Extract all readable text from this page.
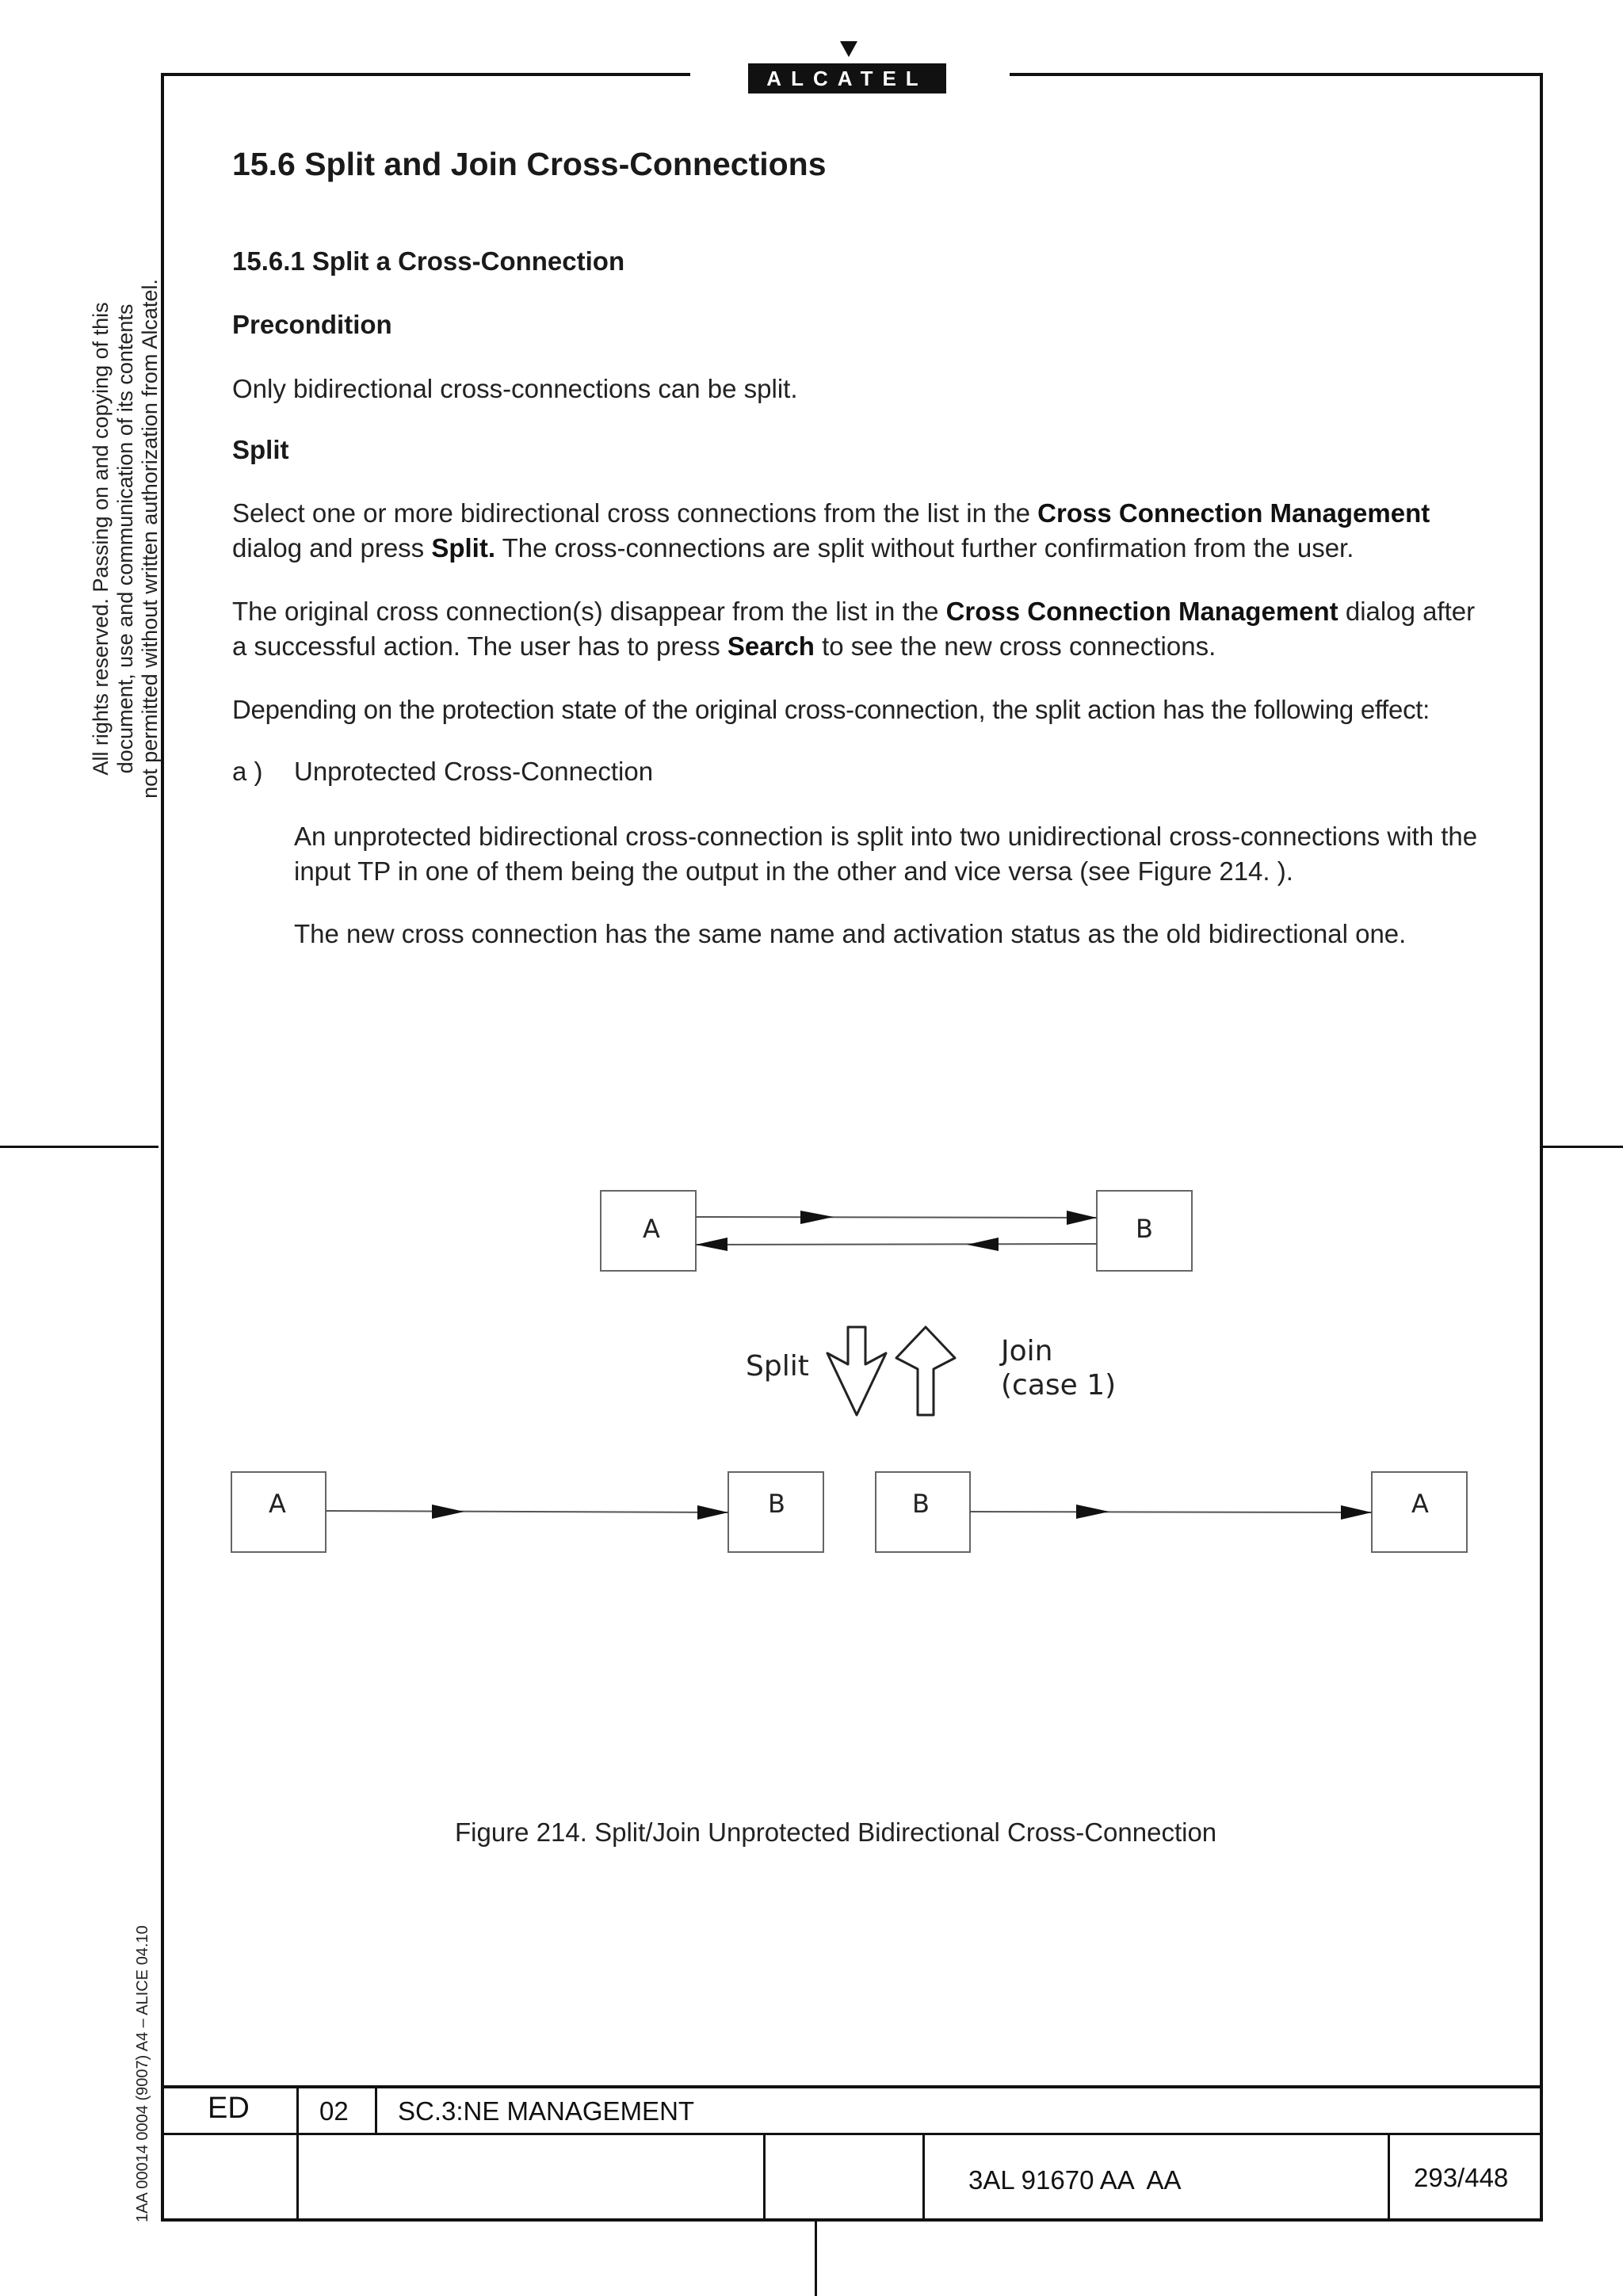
ALCATEL
All rights reserved. Passing on and copying of this document, use and communication of its contents not permitted without written authorization from Alcatel.
1AA 00014 0004 (9007) A4 – ALICE 04.10
15.6 Split and Join Cross-Connections
15.6.1 Split a Cross-Connection
Precondition
Only bidirectional cross-connections can be split.
Split

Select one or more bidirectional cross connections from the list in the Cross Connection Management dialog and press Split. The cross-connections are split without further confirmation from the user.

The original cross connection(s) disappear from the list in the Cross Connection Management dialog after a successful action. The user has to press Search to see the new cross connections.

Depending on the protection state of the original cross-connection, the split action has the following effect:

a ) Unprotected Cross-Connection

An unprotected bidirectional cross-connection is split into two unidirectional cross-connections with the input TP in one of them being the output in the other and vice versa (see Figure 214. ).

The new cross connection has the same name and activation status as the old bidirectional one.

A	B
Split	Join
(case 1)
A	B	B	A
Figure 214. Split/Join Unprotected Bidirectional Cross-Connection
ED	02 SC.3:NE MANAGEMENT
3AL 91670 AA  AA	293/448
